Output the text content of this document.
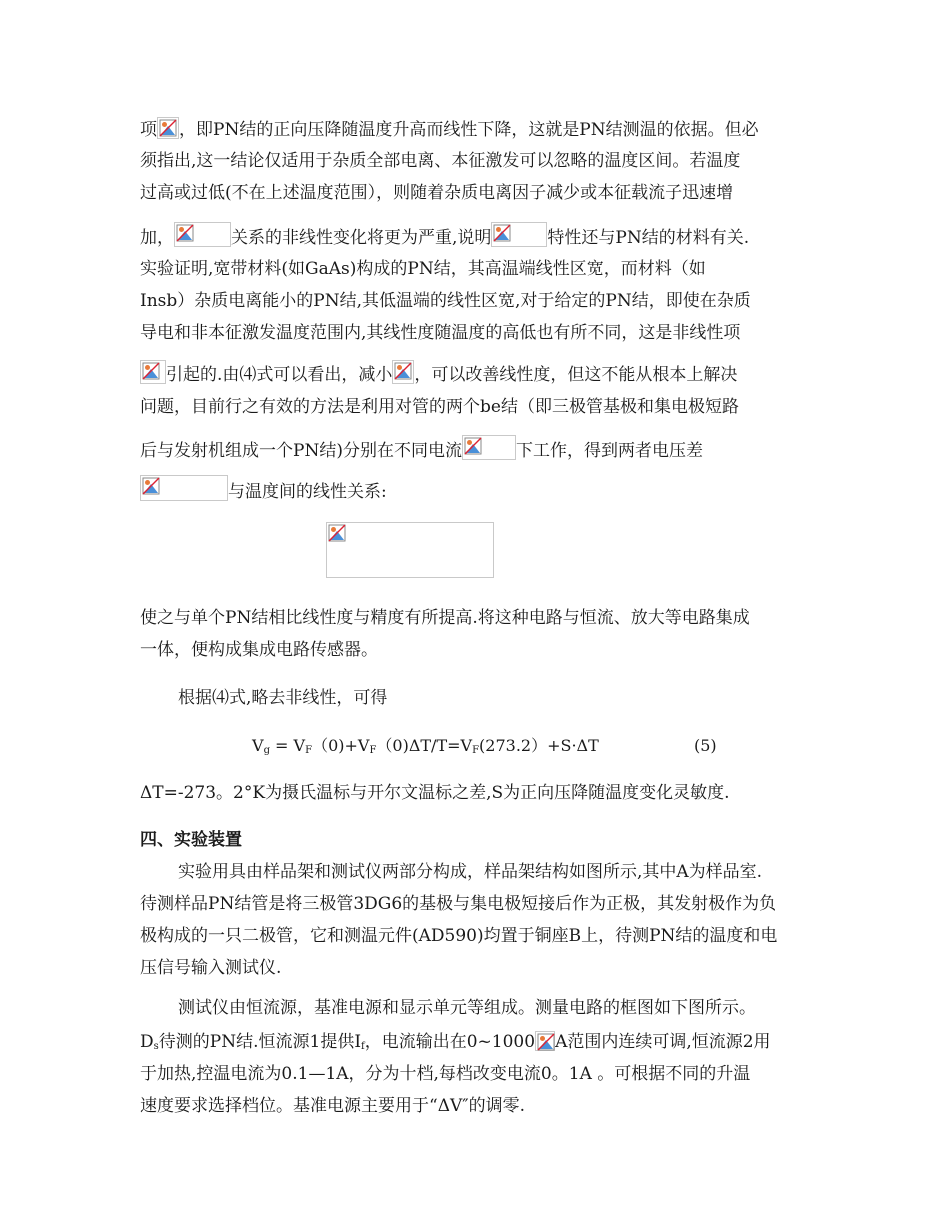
项 ，即PN结的正向压降随温度升高而线性下降，这就是PN结测温的依据。但必
须指出,这一结论仅适用于杂质全部电离、本征激发可以忽略的温度区间。若温度
过高或过低(不在上述温度范围），则随着杂质电离因子减少或本征载流子迅速增
加，	关系的非线性变化将更为严重,说明	特性还与PN结的材料有关.
实验证明,宽带材料(如GaAs)构成的PN结，其高温端线性区宽，而材料（如
Insb）杂质电离能小的PN结,其低温端的线性区宽,对于给定的PN结，即使在杂质
导电和非本征激发温度范围内,其线性度随温度的高低也有所不同，这是非线性项
引起的.由⑷式可以看出，减小 ，可以改善线性度，但这不能从根本上解决
问题，目前行之有效的方法是利用对管的两个be结（即三极管基极和集电极短路
后与发射机组成一个PN结)分别在不同电流	下工作，得到两者电压差
与温度间的线性关系:
使之与单个PN结相比线性度与精度有所提高.将这种电路与恒流、放大等电路集成
一体，便构成集成电路传感器。
根据⑷式,略去非线性，可得
$V_g = V_F(0)+V_F(0)\Delta T/T=V_F(273.2)+S\cdot\Delta T$	(5)
ΔT=-273。2°K为摄氏温标与开尔文温标之差,S为正向压降随温度变化灵敏度.
四、实验装置
实验用具由样品架和测试仪两部分构成，样品架结构如图所示,其中A为样品室.
待测样品PN结管是将三极管3DG6的基极与集电极短接后作为正极，其发射极作为负
极构成的一只二极管，它和测温元件(AD590)均置于铜座B上，待测PN结的温度和电
压信号输入测试仪.
测试仪由恒流源，基准电源和显示单元等组成。测量电路的框图如下图所示。
$D_s$待测的PN结.恒流源1提供$I_f$，电流输出在0~1000 A范围内连续可调,恒流源2用
于加热,控温电流为0.1—1A，分为十档,每档改变电流0。1A 。可根据不同的升温
速度要求选择档位。基准电源主要用于“ΔV″的调零.
